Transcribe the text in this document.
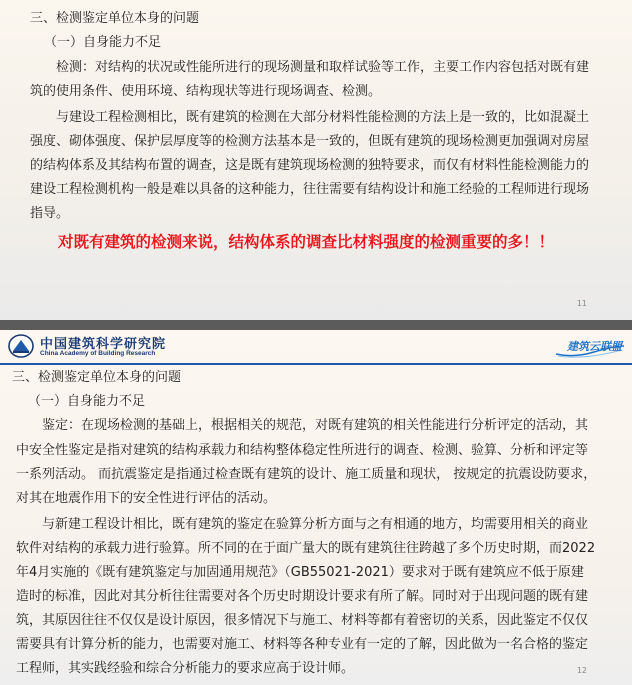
三、检测鉴定单位本身的问题
（一）自身能力不足
检测：对结构的状况或性能所进行的现场测量和取样试验等工作，主要工作内容包括对既有建
筑的使用条件、使用环境、结构现状等进行现场调查、检测。
与建设工程检测相比，既有建筑的检测在大部分材料性能检测的方法上是一致的，比如混凝土
强度、砌体强度、保护层厚度等的检测方法基本是一致的，但既有建筑的现场检测更加强调对房屋
的结构体系及其结构布置的调查，这是既有建筑现场检测的独特要求，而仅有材料性能检测能力的
建设工程检测机构一般是难以具备的这种能力，往往需要有结构设计和施工经验的工程师进行现场
指导。
对既有建筑的检测来说，结构体系的调查比材料强度的检测重要的多！！
11
中国建筑科学研究院
China Academy of Building Research
建筑云联盟
三、检测鉴定单位本身的问题
（一）自身能力不足
鉴定：在现场检测的基础上，根据相关的规范，对既有建筑的相关性能进行分析评定的活动，其
中安全性鉴定是指对建筑的结构承载力和结构整体稳定性所进行的调查、检测、验算、分析和评定等
一系列活动。 而抗震鉴定是指通过检查既有建筑的设计、施工质量和现状， 按规定的抗震设防要求，
对其在地震作用下的安全性进行评估的活动。
与新建工程设计相比，既有建筑的鉴定在验算分析方面与之有相通的地方，均需要用相关的商业
软件对结构的承载力进行验算。所不同的在于面广量大的既有建筑往往跨越了多个历史时期，而2022
年4月实施的《既有建筑鉴定与加固通用规范》（GB55021-2021）要求对于既有建筑应不低于原建
造时的标准，因此对其分析往往需要对各个历史时期设计要求有所了解。同时对于出现问题的既有建
筑，其原因往往不仅仅是设计原因，很多情况下与施工、材料等都有着密切的关系，因此鉴定不仅仅
需要具有计算分析的能力，也需要对施工、材料等各种专业有一定的了解，因此做为一名合格的鉴定
工程师，其实践经验和综合分析能力的要求应高于设计师。	12
